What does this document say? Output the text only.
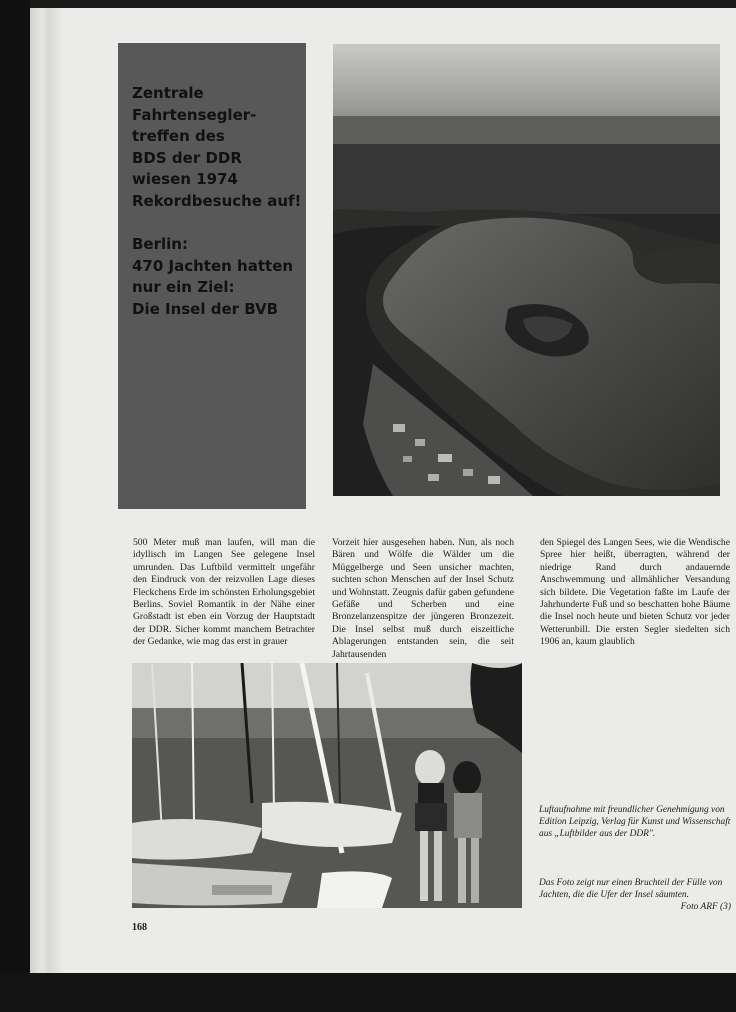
Zentrale
Fahrtensegler-
treffen des
BDS der DDR
wiesen 1974
Rekordbesuche auf!
Berlin:
470 Jachten hatten
nur ein Ziel:
Die Insel der BVB

500 Meter muß man laufen, will man die idyllisch im Langen See gelegene Insel umrunden. Das Luftbild vermittelt ungefähr den Eindruck von der reizvollen Lage dieses Fleckchens Erde im schönsten Erholungsgebiet Berlins. Soviel Romantik in der Nähe einer Großstadt ist eben ein Vorzug der Hauptstadt der DDR. Sicher kommt manchem Betrachter der Gedanke, wie mag das erst in grauer

Vorzeit hier ausgesehen haben. Nun, als noch Bären und Wölfe die Wälder um die Müggelberge und Seen unsicher machten, suchten schon Menschen auf der Insel Schutz und Wohnstatt. Zeugnis dafür gaben gefundene Gefäße und Scherben und eine Bronzelanzenspitze der jüngeren Bronzezeit. Die Insel selbst muß durch eiszeitliche Ablagerungen entstanden sein, die seit Jahrtausenden

den Spiegel des Langen Sees, wie die Wendische Spree hier heißt, überragten, während der niedrige Rand durch andauernde Anschwemmung und allmählicher Versandung sich bildete. Die Vegetation faßte im Laufe der Jahrhunderte Fuß und so beschatten hohe Bäume die Insel noch heute und bieten Schutz vor jeder Wetterunbill. Die ersten Segler siedelten sich 1906 an, kaum glaublich

Luftaufnahme mit freundlicher Genehmigung von Edition Leipzig, Verlag für Kunst und Wissenschaft aus „Luftbilder aus der DDR".
Das Foto zeigt nur einen Bruchteil der Fülle von Jachten, die die Ufer der Insel säumten.
Foto ARF (3)
168
